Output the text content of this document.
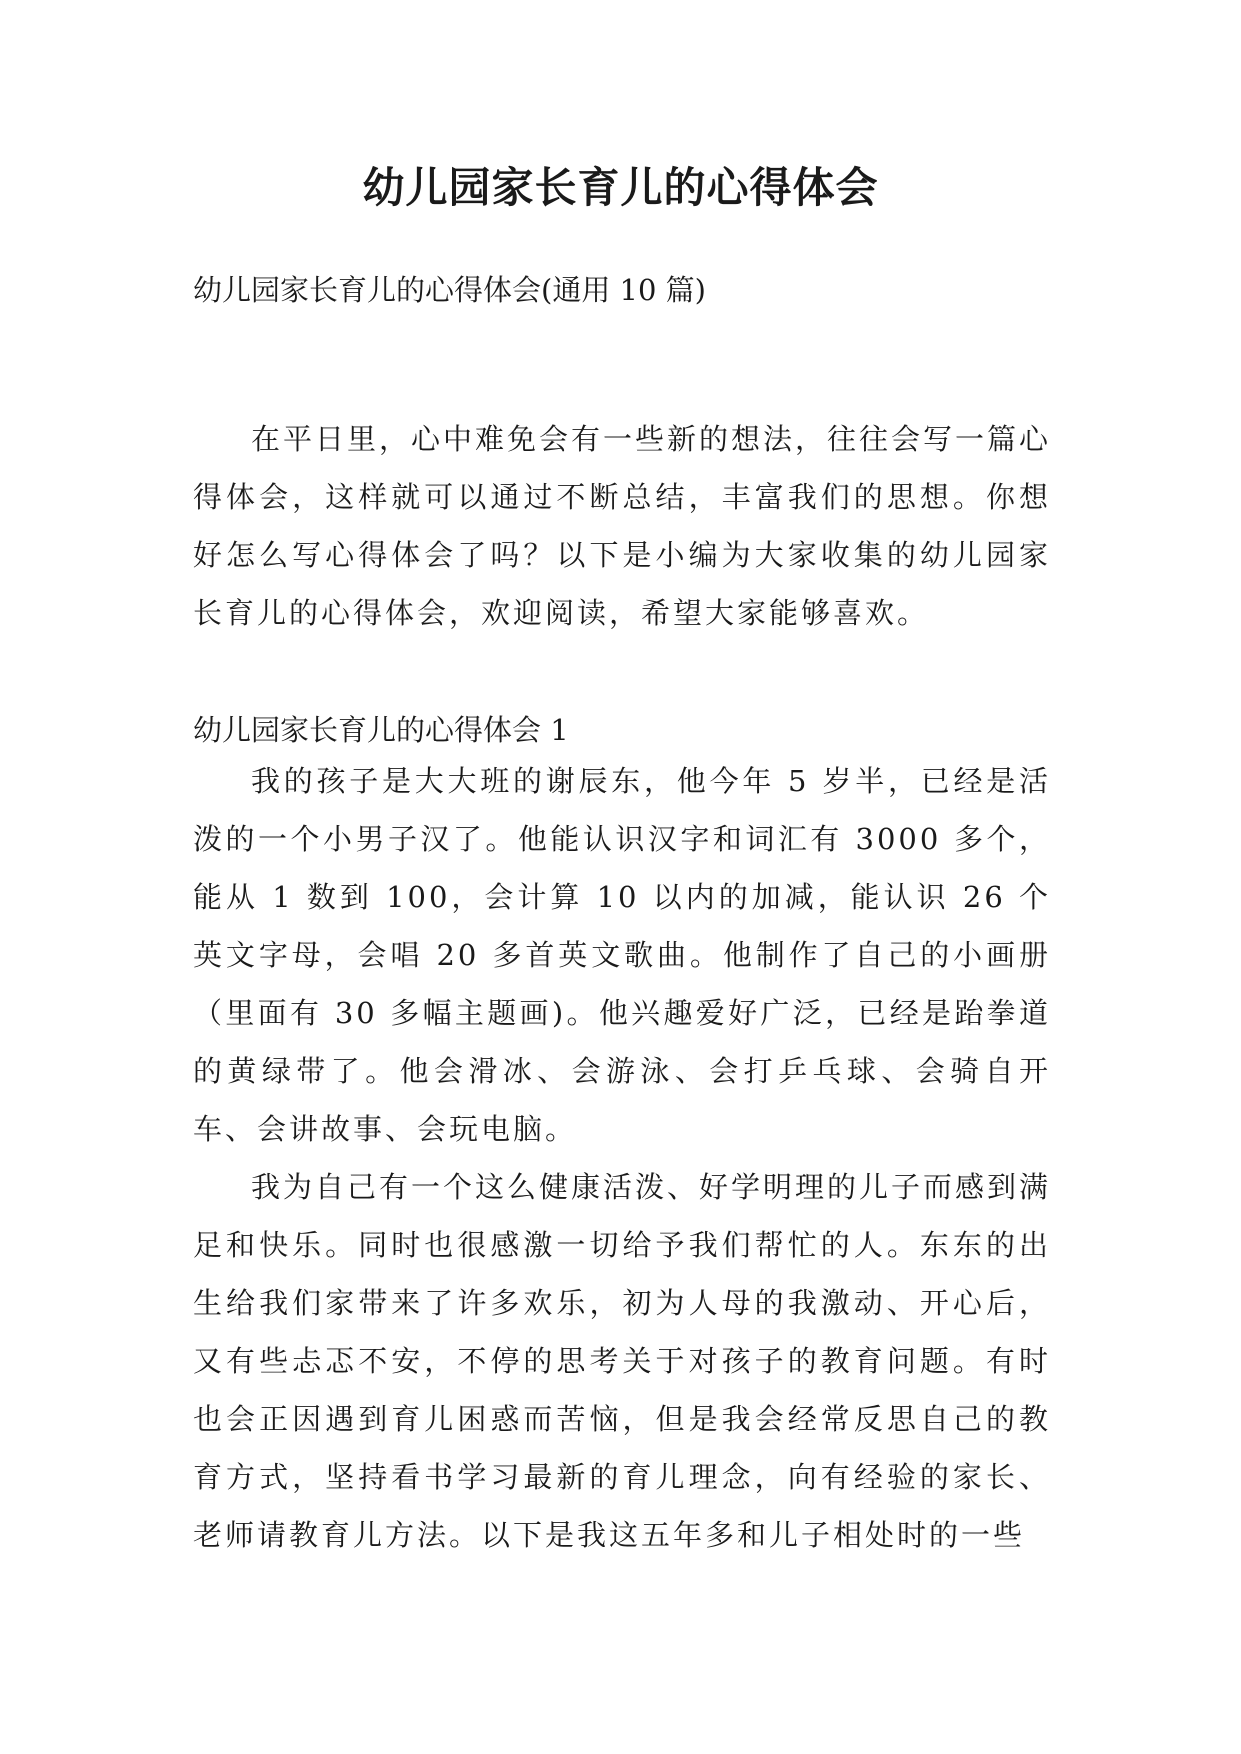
幼儿园家长育儿的心得体会

幼儿园家长育儿的心得体会(通用 10 篇)

在平日里，心中难免会有一些新的想法，往往会写一篇心得体会，这样就可以通过不断总结，丰富我们的思想。你想好怎么写心得体会了吗？以下是小编为大家收集的幼儿园家长育儿的心得体会，欢迎阅读，希望大家能够喜欢。

幼儿园家长育儿的心得体会 1

我的孩子是大大班的谢辰东，他今年 5 岁半，已经是活泼的一个小男子汉了。他能认识汉字和词汇有 3000 多个，能从 1 数到 100，会计算 10 以内的加减，能认识 26 个英文字母，会唱 20 多首英文歌曲。他制作了自己的小画册（里面有 30 多幅主题画)。他兴趣爱好广泛，已经是跆拳道的黄绿带了。他会滑冰、会游泳、会打乒乓球、会骑自开车、会讲故事、会玩电脑。

我为自己有一个这么健康活泼、好学明理的儿子而感到满足和快乐。同时也很感激一切给予我们帮忙的人。东东的出生给我们家带来了许多欢乐，初为人母的我激动、开心后，又有些忐忑不安，不停的思考关于对孩子的教育问题。有时也会正因遇到育儿困惑而苦恼，但是我会经常反思自己的教育方式，坚持看书学习最新的育儿理念，向有经验的家长、老师请教育儿方法。以下是我这五年多和儿子相处时的一些
